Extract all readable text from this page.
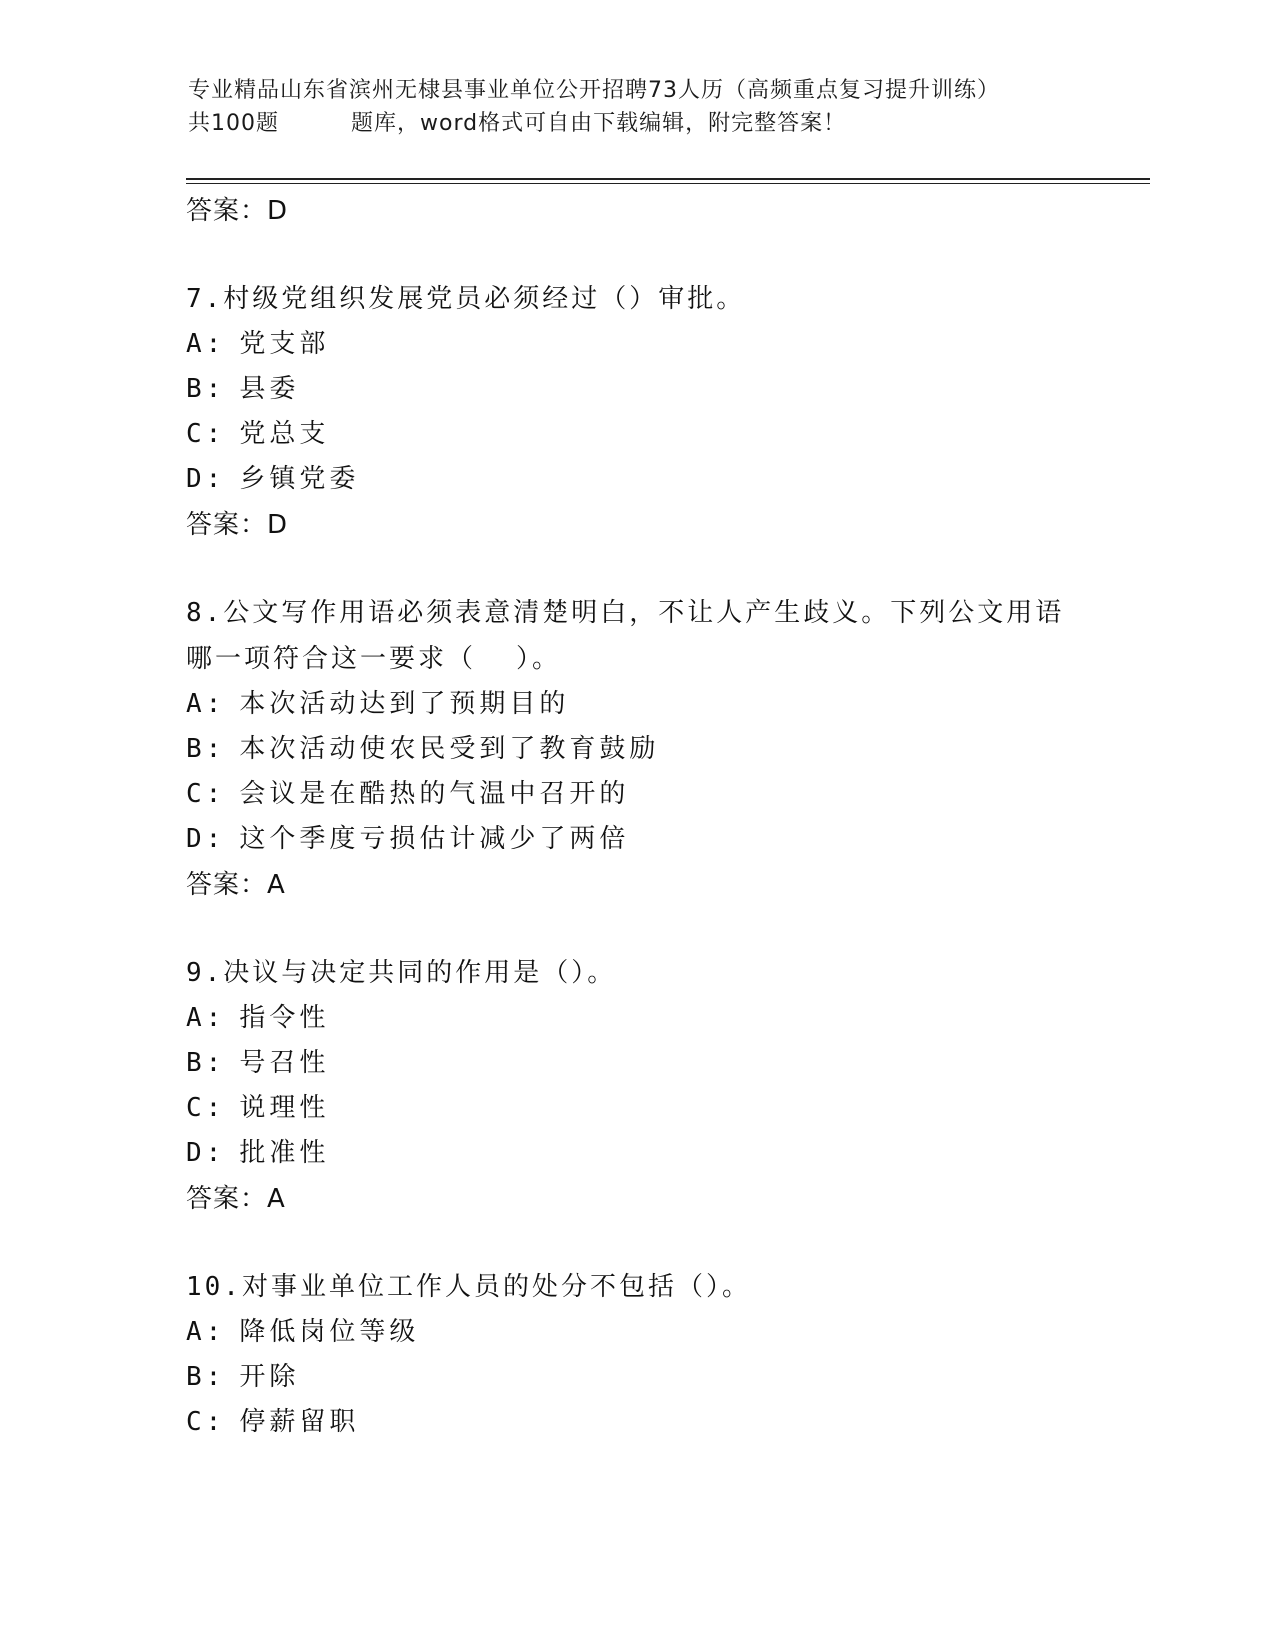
专业精品山东省滨州无棣县事业单位公开招聘73人历（高频重点复习提升训练）
共100题	题库，word格式可自由下载编辑，附完整答案！
答案：D
7.村级党组织发展党员必须经过（）审批。
A: 党支部
B: 县委
C: 党总支
D: 乡镇党委
答案：D
8.公文写作用语必须表意清楚明白，不让人产生歧义。下列公文用语
哪一项符合这一要求（ ）。
A: 本次活动达到了预期目的
B: 本次活动使农民受到了教育鼓励
C: 会议是在酷热的气温中召开的
D: 这个季度亏损估计减少了两倍
答案：A
9.决议与决定共同的作用是（）。
A: 指令性
B: 号召性
C: 说理性
D: 批准性
答案：A
10.对事业单位工作人员的处分不包括（）。
A: 降低岗位等级
B: 开除
C: 停薪留职
